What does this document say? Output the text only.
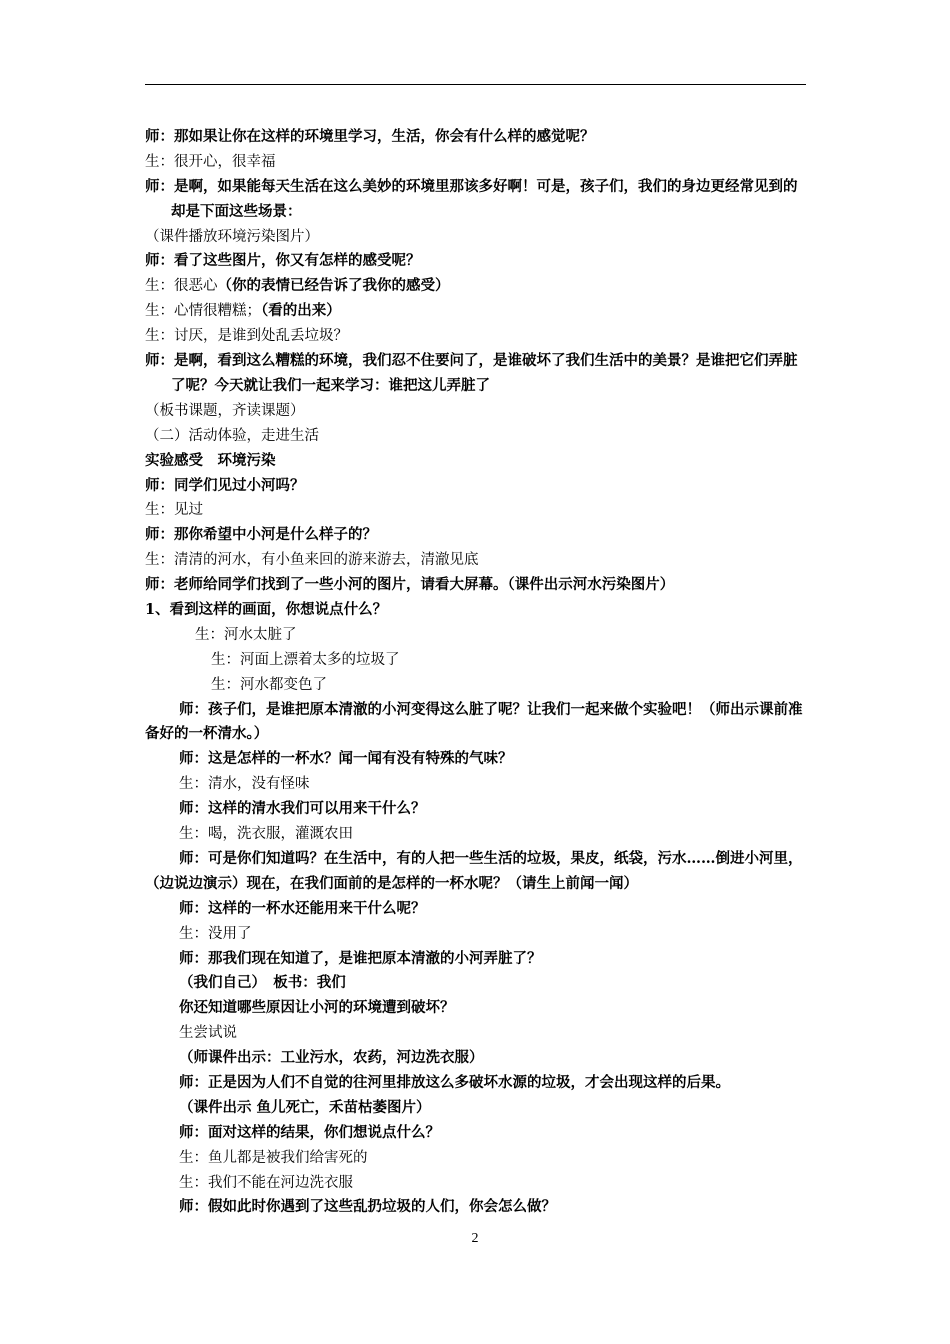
师：那如果让你在这样的环境里学习，生活，你会有什么样的感觉呢？
生：很开心，很幸福
师：是啊，如果能每天生活在这么美妙的环境里那该多好啊！可是，孩子们，我们的身边更经常见到的却是下面这些场景：
（课件播放环境污染图片）
师：看了这些图片，你又有怎样的感受呢？
生：很恶心（你的表情已经告诉了我你的感受）
生：心情很糟糕；（看的出来）
生：讨厌，是谁到处乱丢垃圾？
师：是啊，看到这么糟糕的环境，我们忍不住要问了，是谁破坏了我们生活中的美景？是谁把它们弄脏了呢？今天就让我们一起来学习：谁把这儿弄脏了
（板书课题，齐读课题）
（二）活动体验，走进生活
实验感受　环境污染
师：同学们见过小河吗？
生：见过
师：那你希望中小河是什么样子的？
生：清清的河水，有小鱼来回的游来游去，清澈见底
师：老师给同学们找到了一些小河的图片，请看大屏幕。（课件出示河水污染图片）
1、看到这样的画面，你想说点什么？
生：河水太脏了
生：河面上漂着太多的垃圾了
生：河水都变色了
师：孩子们，是谁把原本清澈的小河变得这么脏了呢？让我们一起来做个实验吧！（师出示课前准备好的一杯清水。）
师：这是怎样的一杯水？闻一闻有没有特殊的气味？
生：清水，没有怪味
师：这样的清水我们可以用来干什么？
生：喝，洗衣服，灌溉农田
师：可是你们知道吗？在生活中，有的人把一些生活的垃圾，果皮，纸袋，污水……倒进小河里，（边说边演示）现在，在我们面前的是怎样的一杯水呢？（请生上前闻一闻）
师：这样的一杯水还能用来干什么呢？
生：没用了
师：那我们现在知道了，是谁把原本清澈的小河弄脏了？
（我们自己）　板书：我们
你还知道哪些原因让小河的环境遭到破坏？
生尝试说
（师课件出示：工业污水，农药，河边洗衣服）
师：正是因为人们不自觉的往河里排放这么多破坏水源的垃圾，才会出现这样的后果。
（课件出示 鱼儿死亡，禾苗枯萎图片）
师：面对这样的结果，你们想说点什么？
生：鱼儿都是被我们给害死的
生：我们不能在河边洗衣服
师：假如此时你遇到了这些乱扔垃圾的人们，你会怎么做？
2
